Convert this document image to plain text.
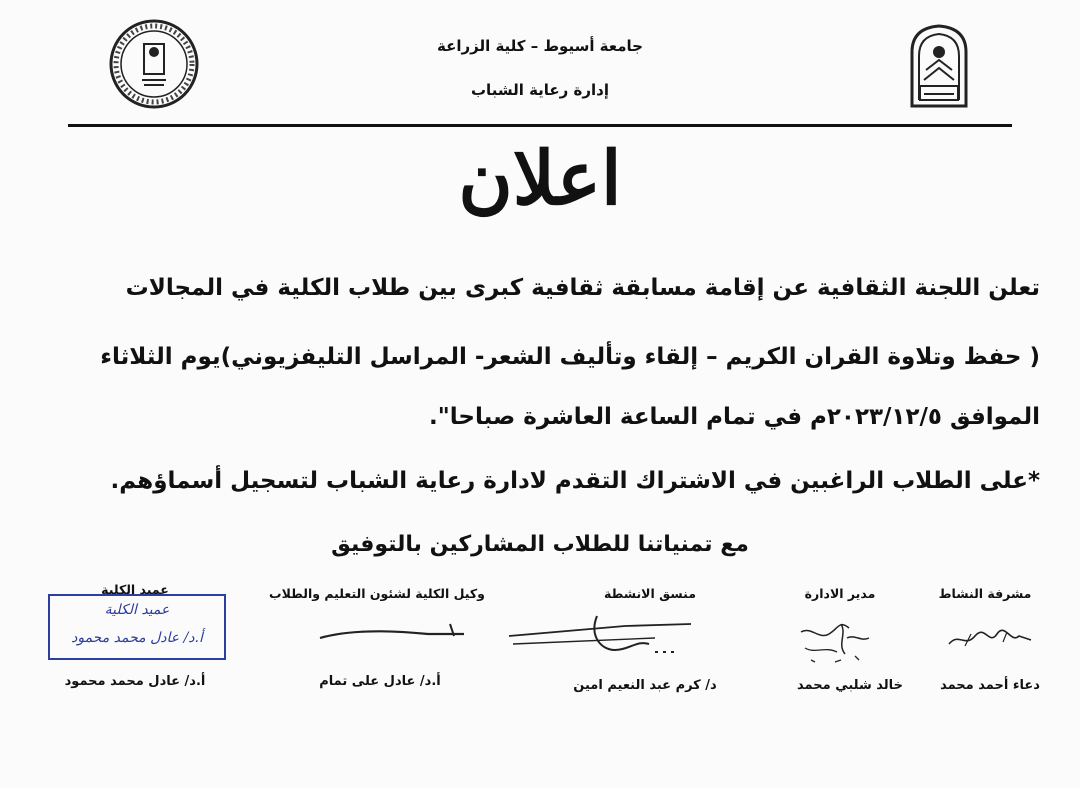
جامعة أسيوط – كلية الزراعة
إدارة رعاية الشباب
اعلان
تعلن اللجنة الثقافية عن إقامة مسابقة ثقافية كبرى بين طلاب الكلية في المجالات
( حفظ وتلاوة القران الكريم – إلقاء وتأليف الشعر- المراسل التليفزيوني)يوم الثلاثاء
الموافق ٢٠٢٣/١٢/٥م في تمام الساعة العاشرة صباحا".
*على الطلاب الراغبين في الاشتراك التقدم لادارة رعاية الشباب لتسجيل أسماؤهم.
مع تمنياتنا للطلاب المشاركين بالتوفيق
مشرفة النشاط
مدير الادارة
منسق الانشطة
وكيل الكلية لشئون التعليم والطلاب
عميد الكلية
عميد الكلية
أ.د/ عادل محمد محمود
دعاء أحمد محمد
خالد شلبي محمد
د/ كرم عبد النعيم امين
أ.د/ عادل على تمام
أ.د/ عادل محمد محمود
